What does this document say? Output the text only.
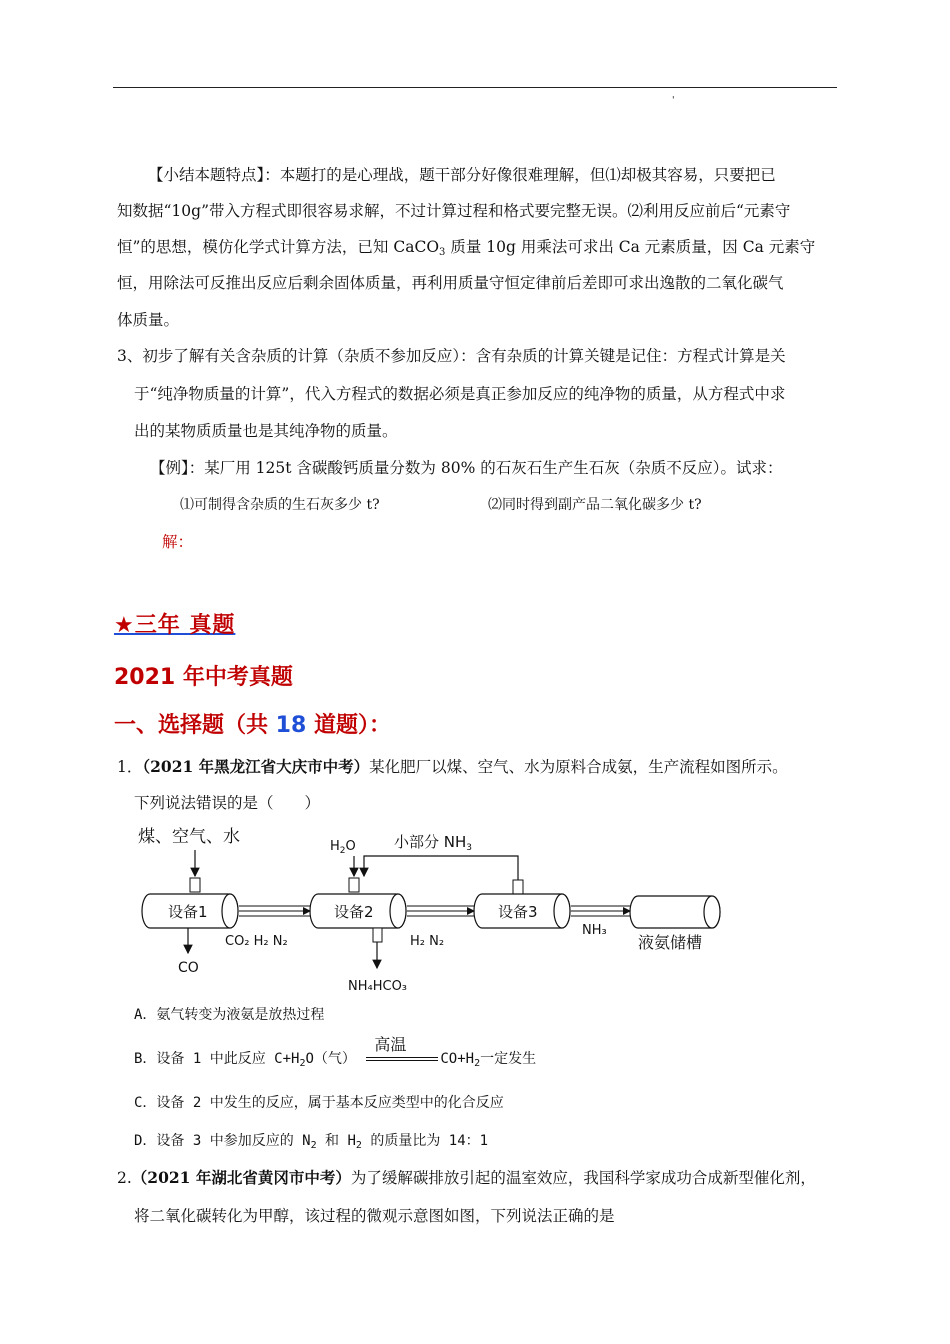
'
【小结本题特点】：本题打的是心理战，题干部分好像很难理解，但⑴却极其容易，只要把已
知数据“10g”带入方程式即很容易求解，不过计算过程和格式要完整无误。⑵利用反应前后“元素守
恒”的思想，模仿化学式计算方法，已知 CaCO$_3$ 质量 10g 用乘法可求出 Ca 元素质量，因 Ca 元素守
恒，用除法可反推出反应后剩余固体质量，再利用质量守恒定律前后差即可求出逸散的二氧化碳气
体质量。
3、初步了解有关含杂质的计算（杂质不参加反应）：含有杂质的计算关键是记住：方程式计算是关
于“纯净物质量的计算”，代入方程式的数据必须是真正参加反应的纯净物的质量，从方程式中求
出的某物质质量也是其纯净物的质量。
【例】：某厂用 125t 含碳酸钙质量分数为 80% 的石灰石生产生石灰（杂质不反应）。试求：
⑴可制得含杂质的生石灰多少 t?	⑵同时得到副产品二氧化碳多少 t?
解：
★三年 真题
2021 年中考真题
一、选择题（共 18 道题）：
1．（2021 年黑龙江省大庆市中考）某化肥厂以煤、空气、水为原料合成氨，生产流程如图所示。
下列说法错误的是（　　）
煤、空气、水	$H_2O$	小部分 $NH_3$
设备1	设备2	设备3
液氨储槽
CO
CO₂ H₂ N₂	H₂ N₂
NH₃
NH₄HCO₃
A．氨气转变为液氨是放热过程
B．设备 1 中此反应 $C+H_2O$（气）
高温
$CO+H_2$一定发生
C．设备 2 中发生的反应，属于基本反应类型中的化合反应
D．设备 3 中参加反应的 $N_2$ 和 $H_2$ 的质量比为 14：1
2.（2021 年湖北省黄冈市中考）为了缓解碳排放引起的温室效应，我国科学家成功合成新型催化剂，
将二氧化碳转化为甲醇，该过程的微观示意图如图，下列说法正确的是
